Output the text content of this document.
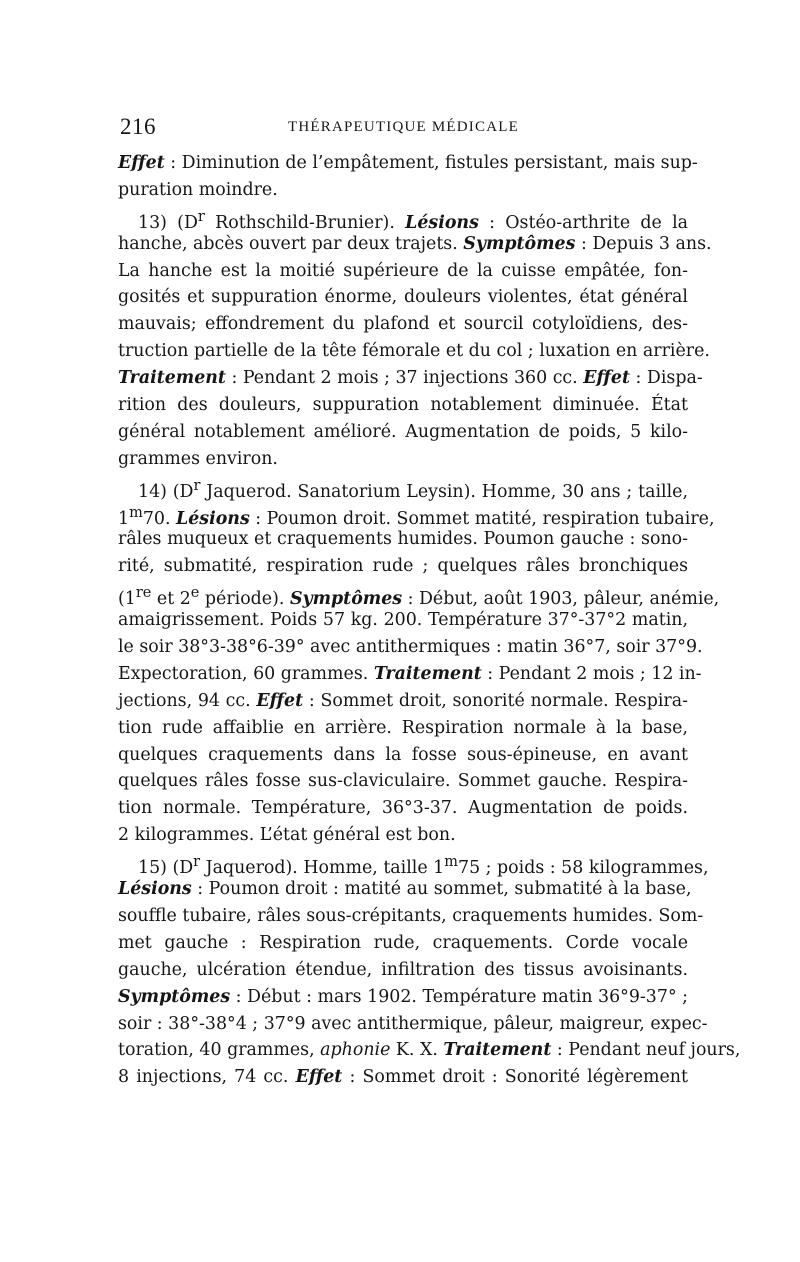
216	THÉRAPEUTIQUE MÉDICALE
Effet : Diminution de l’empâtement, fistules persistant, mais sup-
puration moindre.
13) ($D^r$ Rothschild-Brunier). Lésions : Ostéo-arthrite de la
hanche, abcès ouvert par deux trajets. Symptômes : Depuis 3 ans.
La hanche est la moitié supérieure de la cuisse empâtée, fon-
gosités et suppuration énorme, douleurs violentes, état général
mauvais; effondrement du plafond et sourcil cotyloïdiens, des-
truction partielle de la tête fémorale et du col ; luxation en arrière.
Traitement : Pendant 2 mois ; 37 injections 360 cc. Effet : Dispa-
rition des douleurs, suppuration notablement diminuée. État
général notablement amélioré. Augmentation de poids, 5 kilo-
grammes environ.
14) ($D^r$ Jaquerod. Sanatorium Leysin). Homme, 30 ans ; taille,
1$^m$70. Lésions : Poumon droit. Sommet matité, respiration tubaire,
râles muqueux et craquements humides. Poumon gauche : sono-
rité, submatité, respiration rude ; quelques râles bronchiques
(1re et 2e période). Symptômes : Début, août 1903, pâleur, anémie,
amaigrissement. Poids 57 kg. 200. Température 37°-37°2 matin,
le soir 38°3-38°6-39° avec antithermiques : matin 36°7, soir 37°9.
Expectoration, 60 grammes. Traitement : Pendant 2 mois ; 12 in-
jections, 94 cc. Effet : Sommet droit, sonorité normale. Respira-
tion rude affaiblie en arrière. Respiration normale à la base,
quelques craquements dans la fosse sous-épineuse, en avant
quelques râles fosse sus-claviculaire. Sommet gauche. Respira-
tion normale. Température, 36°3-37. Augmentation de poids.
2 kilogrammes. L’état général est bon.
15) ($D^r$ Jaquerod). Homme, taille 1$^m$75 ; poids : 58 kilogrammes,
Lésions : Poumon droit : matité au sommet, submatité à la base,
souffle tubaire, râles sous-crépitants, craquements humides. Som-
met gauche : Respiration rude, craquements. Corde vocale
gauche, ulcération étendue, infiltration des tissus avoisinants.
Symptômes : Début : mars 1902. Température matin 36°9-37° ;
soir : 38°-38°4 ; 37°9 avec antithermique, pâleur, maigreur, expec-
toration, 40 grammes, aphonie K. X. Traitement : Pendant neuf jours,
8 injections, 74 cc. Effet : Sommet droit : Sonorité légèrement
